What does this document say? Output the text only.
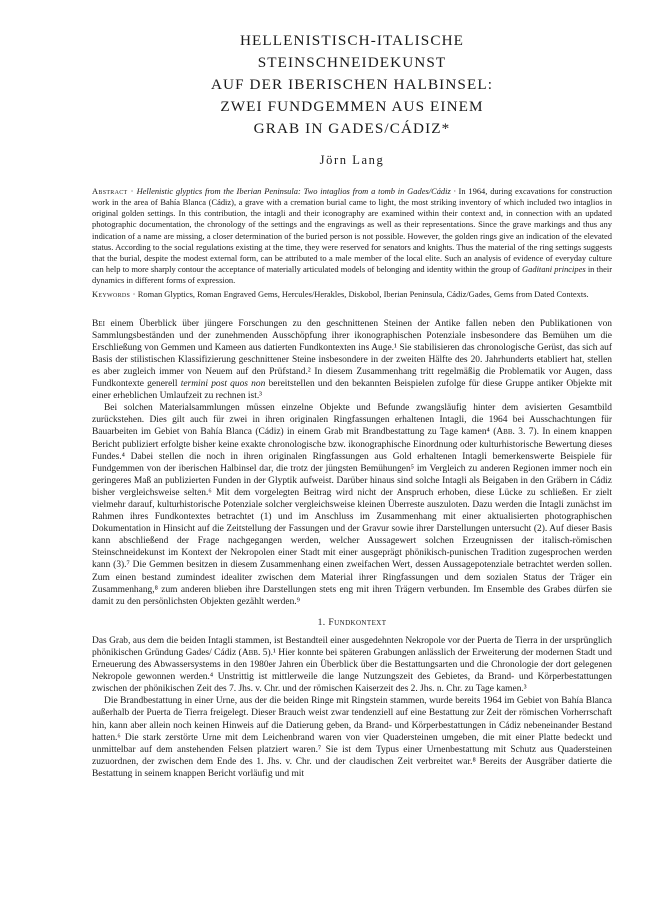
HELLENISTISCH-ITALISCHE
STEINSCHNEIDEKUNST
AUF DER IBERISCHEN HALBINSEL:
ZWEI FUNDGEMMEN AUS EINEM
GRAB IN GADES/CÁDIZ*
Jörn Lang
Abstract · Hellenistic glyptics from the Iberian Peninsula: Two intaglios from a tomb in Gades/Cádiz · In 1964, during excavations for construction work in the area of Bahía Blanca (Cádiz), a grave with a cremation burial came to light, the most striking inventory of which included two intaglios in original golden settings. In this contribution, the intagli and their iconography are examined within their context and, in connection with an updated photographic documentation, the chronology of the settings and the engravings as well as their representations. Since the grave markings and thus any indication of a name are missing, a closer determination of the buried person is not possible. However, the golden rings give an indication of the elevated status. According to the social regulations existing at the time, they were reserved for senators and knights. Thus the material of the ring settings suggests that the burial, despite the modest external form, can be attributed to a male member of the local elite. Such an analysis of evidence of everyday culture can help to more sharply contour the acceptance of materially articulated models of belonging and identity within the group of Gaditani principes in their dynamics in different forms of expression.
Keywords · Roman Glyptics, Roman Engraved Gems, Hercules/Herakles, Diskobol, Iberian Peninsula, Cádiz/Gades, Gems from Dated Contexts.

Bei einem Überblick über jüngere Forschungen zu den geschnittenen Steinen der Antike fallen neben den Publikationen von Sammlungsbeständen und der zunehmenden Ausschöpfung ihrer ikonographischen Potenziale insbesondere das Bemühen um die Erschließung von Gemmen und Kameen aus datierten Fundkontexten ins Auge.¹ Sie stabilisieren das chronologische Gerüst, das sich auf Basis der stilistischen Klassifizierung geschnittener Steine insbesondere in der zweiten Hälfte des 20. Jahrhunderts etabliert hat, stellen es aber zugleich immer von Neuem auf den Prüfstand.² In diesem Zusammenhang tritt regelmäßig die Problematik vor Augen, dass Fundkontexte generell termini post quos non bereitstellen und den bekannten Beispielen zufolge für diese Gruppe antiker Objekte mit einer erheblichen Umlaufzeit zu rechnen ist.³

Bei solchen Materialsammlungen müssen einzelne Objekte und Befunde zwangsläufig hinter dem avisierten Gesamtbild zurückstehen. Dies gilt auch für zwei in ihren originalen Ringfassungen erhaltenen Intagli, die 1964 bei Ausschachtungen für Bauarbeiten im Gebiet von Bahía Blanca (Cádiz) in einem Grab mit Brandbestattung zu Tage kamen⁴ (Abb. 3. 7). In einem knappen Bericht publiziert erfolgte bisher keine exakte chronologische bzw. ikonographische Einordnung oder kulturhistorische Bewertung dieses Fundes.⁴ Dabei stellen die noch in ihren originalen Ringfassungen aus Gold erhaltenen Intagli bemerkenswerte Beispiele für Fundgemmen von der iberischen Halbinsel dar, die trotz der jüngsten Bemühungen⁵ im Vergleich zu anderen Regionen immer noch ein geringeres Maß an publizierten Funden in der Glyptik aufweist. Darüber hinaus sind solche Intagli als Beigaben in den Gräbern in Cádiz bisher vergleichsweise selten.⁶ Mit dem vorgelegten Beitrag wird nicht der Anspruch erhoben, diese Lücke zu schließen. Er zielt vielmehr darauf, kulturhistorische Potenziale solcher vergleichsweise kleinen Überreste auszuloten. Dazu werden die Intagli zunächst im Rahmen ihres Fundkontextes betrachtet (1) und im Anschluss im Zusammenhang mit einer aktualisierten photographischen Dokumentation in Hinsicht auf die Zeitstellung der Fassungen und der Gravur sowie ihrer Darstellungen untersucht (2). Auf dieser Basis kann abschließend der Frage nachgegangen werden, welcher Aussagewert solchen Erzeugnissen der italisch-römischen Steinschneidekunst im Kontext der Nekropolen einer Stadt mit einer ausgeprägt phönikisch-punischen Tradition zugesprochen werden kann (3).⁷ Die Gemmen besitzen in diesem Zusammenhang einen zweifachen Wert, dessen Aussagepotenziale betrachtet werden sollen. Zum einen bestand zumindest idealiter zwischen dem Material ihrer Ringfassungen und dem sozialen Status der Träger ein Zusammenhang,⁸ zum anderen blieben ihre Darstellungen stets eng mit ihren Trägern verbunden. Im Ensemble des Grabes dürfen sie damit zu den persönlichsten Objekten gezählt werden.⁹

1. Fundkontext

Das Grab, aus dem die beiden Intagli stammen, ist Bestandteil einer ausgedehnten Nekropole vor der Puerta de Tierra in der ursprünglich phönikischen Gründung Gades/ Cádiz (Abb. 5).¹ Hier konnte bei späteren Grabungen anlässlich der Erweiterung der modernen Stadt und Erneuerung des Abwassersystems in den 1980er Jahren ein Überblick über die Bestattungsarten und die Chronologie der dort gelegenen Nekropole gewonnen werden.⁴ Unstrittig ist mittlerweile die lange Nutzungszeit des Gebietes, da Brand- und Körperbestattungen zwischen der phönikischen Zeit des 7. Jhs. v. Chr. und der römischen Kaiserzeit des 2. Jhs. n. Chr. zu Tage kamen.³

Die Brandbestattung in einer Urne, aus der die beiden Ringe mit Ringstein stammen, wurde bereits 1964 im Gebiet von Bahía Blanca außerhalb der Puerta de Tierra freigelegt. Dieser Brauch weist zwar tendenziell auf eine Bestattung zur Zeit der römischen Vorherrschaft hin, kann aber allein noch keinen Hinweis auf die Datierung geben, da Brand- und Körperbestattungen in Cádiz nebeneinander Bestand hatten.⁶ Die stark zerstörte Urne mit dem Leichenbrand waren von vier Quadersteinen umgeben, die mit einer Platte bedeckt und unmittelbar auf dem anstehenden Felsen platziert waren.⁷ Sie ist dem Typus einer Urnenbestattung mit Schutz aus Quadersteinen zuzuordnen, der zwischen dem Ende des 1. Jhs. v. Chr. und der claudischen Zeit verbreitet war.⁸ Bereits der Ausgräber datierte die Bestattung in seinem knappen Bericht vorläufig und mit
